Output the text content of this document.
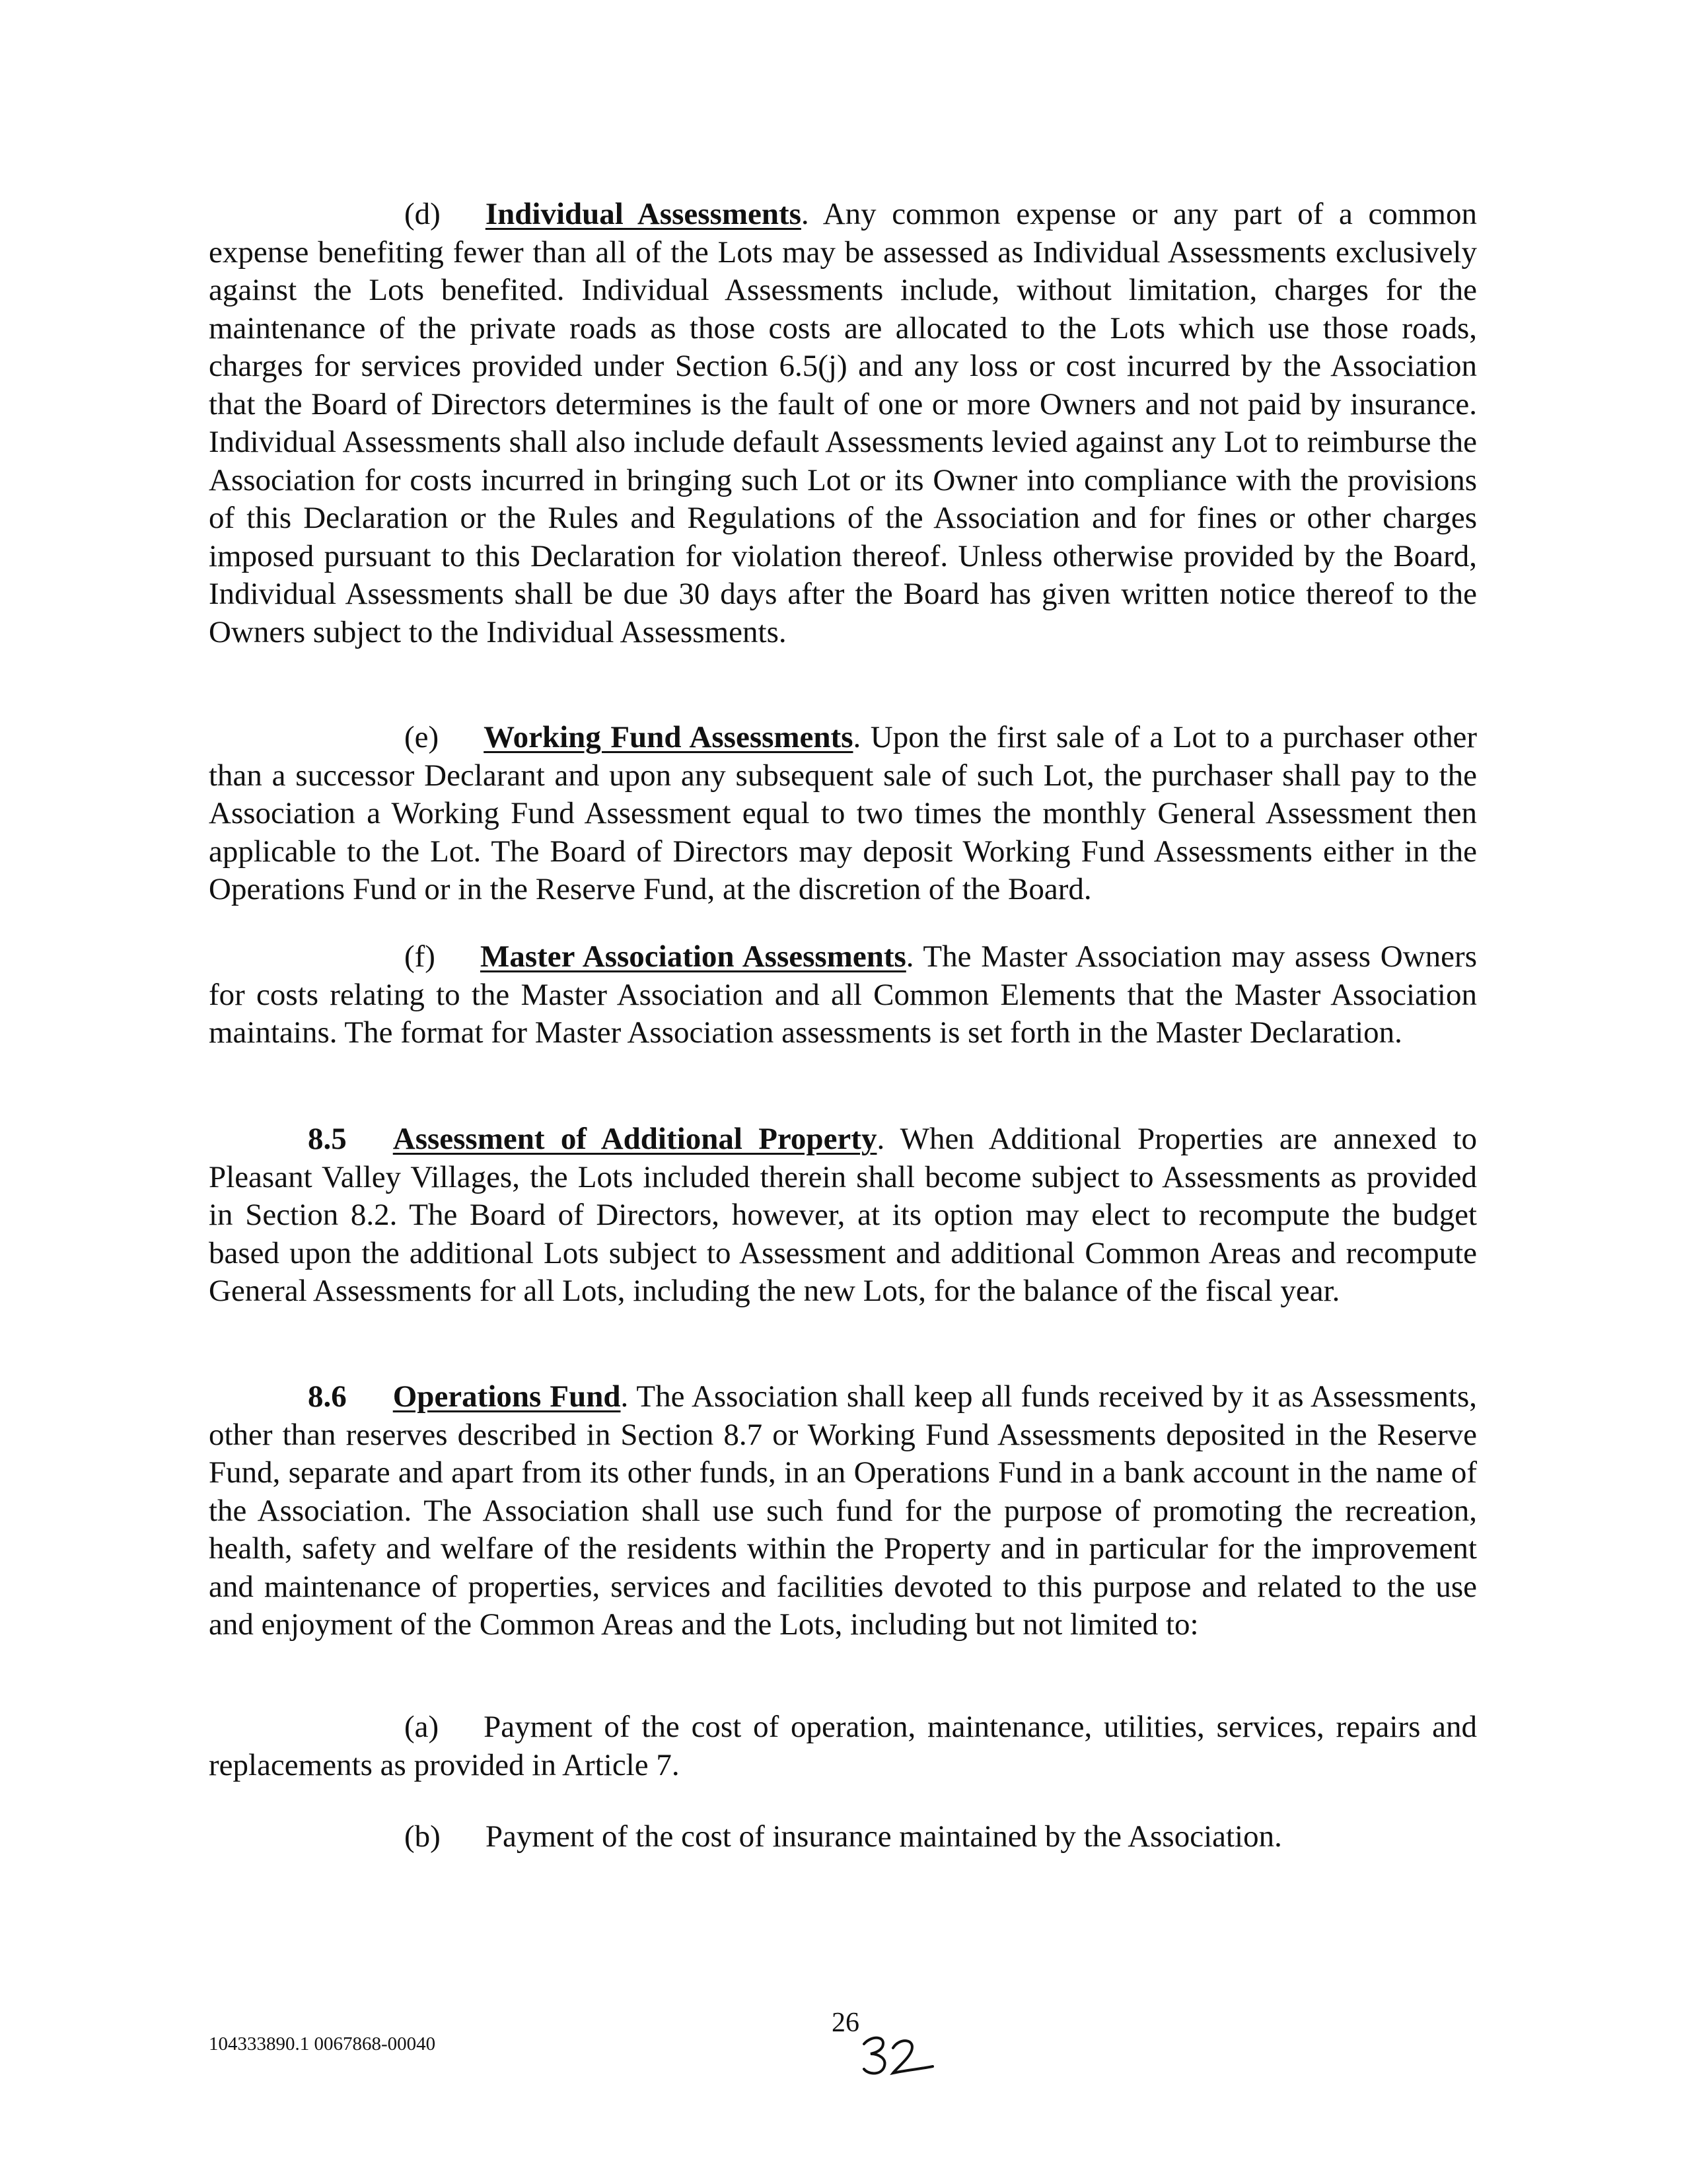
(d) Individual Assessments. Any common expense or any part of a common expense benefiting fewer than all of the Lots may be assessed as Individual Assessments exclusively against the Lots benefited. Individual Assessments include, without limitation, charges for the maintenance of the private roads as those costs are allocated to the Lots which use those roads, charges for services provided under Section 6.5(j) and any loss or cost incurred by the Association that the Board of Directors determines is the fault of one or more Owners and not paid by insurance. Individual Assessments shall also include default Assessments levied against any Lot to reimburse the Association for costs incurred in bringing such Lot or its Owner into compliance with the provisions of this Declaration or the Rules and Regulations of the Association and for fines or other charges imposed pursuant to this Declaration for violation thereof. Unless otherwise provided by the Board, Individual Assessments shall be due 30 days after the Board has given written notice thereof to the Owners subject to the Individual Assessments.

(e) Working Fund Assessments. Upon the first sale of a Lot to a purchaser other than a successor Declarant and upon any subsequent sale of such Lot, the purchaser shall pay to the Association a Working Fund Assessment equal to two times the monthly General Assessment then applicable to the Lot. The Board of Directors may deposit Working Fund Assessments either in the Operations Fund or in the Reserve Fund, at the discretion of the Board.

(f) Master Association Assessments. The Master Association may assess Owners for costs relating to the Master Association and all Common Elements that the Master Association maintains. The format for Master Association assessments is set forth in the Master Declaration.

8.5 Assessment of Additional Property. When Additional Properties are annexed to Pleasant Valley Villages, the Lots included therein shall become subject to Assessments as provided in Section 8.2. The Board of Directors, however, at its option may elect to recompute the budget based upon the additional Lots subject to Assessment and additional Common Areas and recompute General Assessments for all Lots, including the new Lots, for the balance of the fiscal year.

8.6 Operations Fund. The Association shall keep all funds received by it as Assessments, other than reserves described in Section 8.7 or Working Fund Assessments deposited in the Reserve Fund, separate and apart from its other funds, in an Operations Fund in a bank account in the name of the Association. The Association shall use such fund for the purpose of promoting the recreation, health, safety and welfare of the residents within the Property and in particular for the improvement and maintenance of properties, services and facilities devoted to this purpose and related to the use and enjoyment of the Common Areas and the Lots, including but not limited to:

(a) Payment of the cost of operation, maintenance, utilities, services, repairs and replacements as provided in Article 7.

(b) Payment of the cost of insurance maintained by the Association.

26
104333890.1 0067868-00040
